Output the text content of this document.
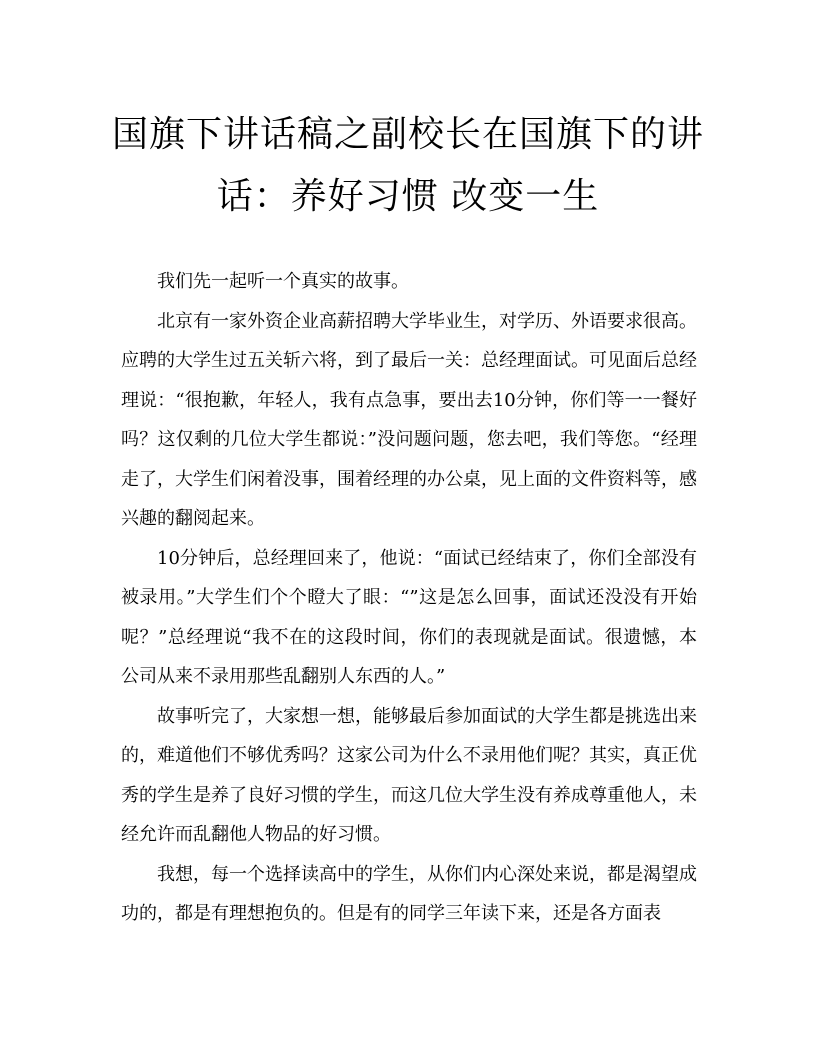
国旗下讲话稿之副校长在国旗下的讲
话：养好习惯 改变一生

我们先一起听一个真实的故事。

北京有一家外资企业高薪招聘大学毕业生，对学历、外语要求很高。应聘的大学生过五关斩六将，到了最后一关：总经理面试。可见面后总经理说：“很抱歉，年轻人，我有点急事，要出去10分钟，你们等一一餐好吗？这仅剩的几位大学生都说：”没问题问题，您去吧，我们等您。“经理走了，大学生们闲着没事，围着经理的办公桌，见上面的文件资料等，感兴趣的翻阅起来。

10分钟后，总经理回来了，他说：“面试已经结束了，你们全部没有被录用。”大学生们个个瞪大了眼：“”这是怎么回事，面试还没没有开始呢？”总经理说“我不在的这段时间，你们的表现就是面试。很遗憾，本公司从来不录用那些乱翻别人东西的人。”

故事听完了，大家想一想，能够最后参加面试的大学生都是挑选出来的，难道他们不够优秀吗？这家公司为什么不录用他们呢？其实，真正优秀的学生是养了良好习惯的学生，而这几位大学生没有养成尊重他人，未经允许而乱翻他人物品的好习惯。

我想，每一个选择读高中的学生，从你们内心深处来说，都是渴望成功的，都是有理想抱负的。但是有的同学三年读下来，还是各方面表
